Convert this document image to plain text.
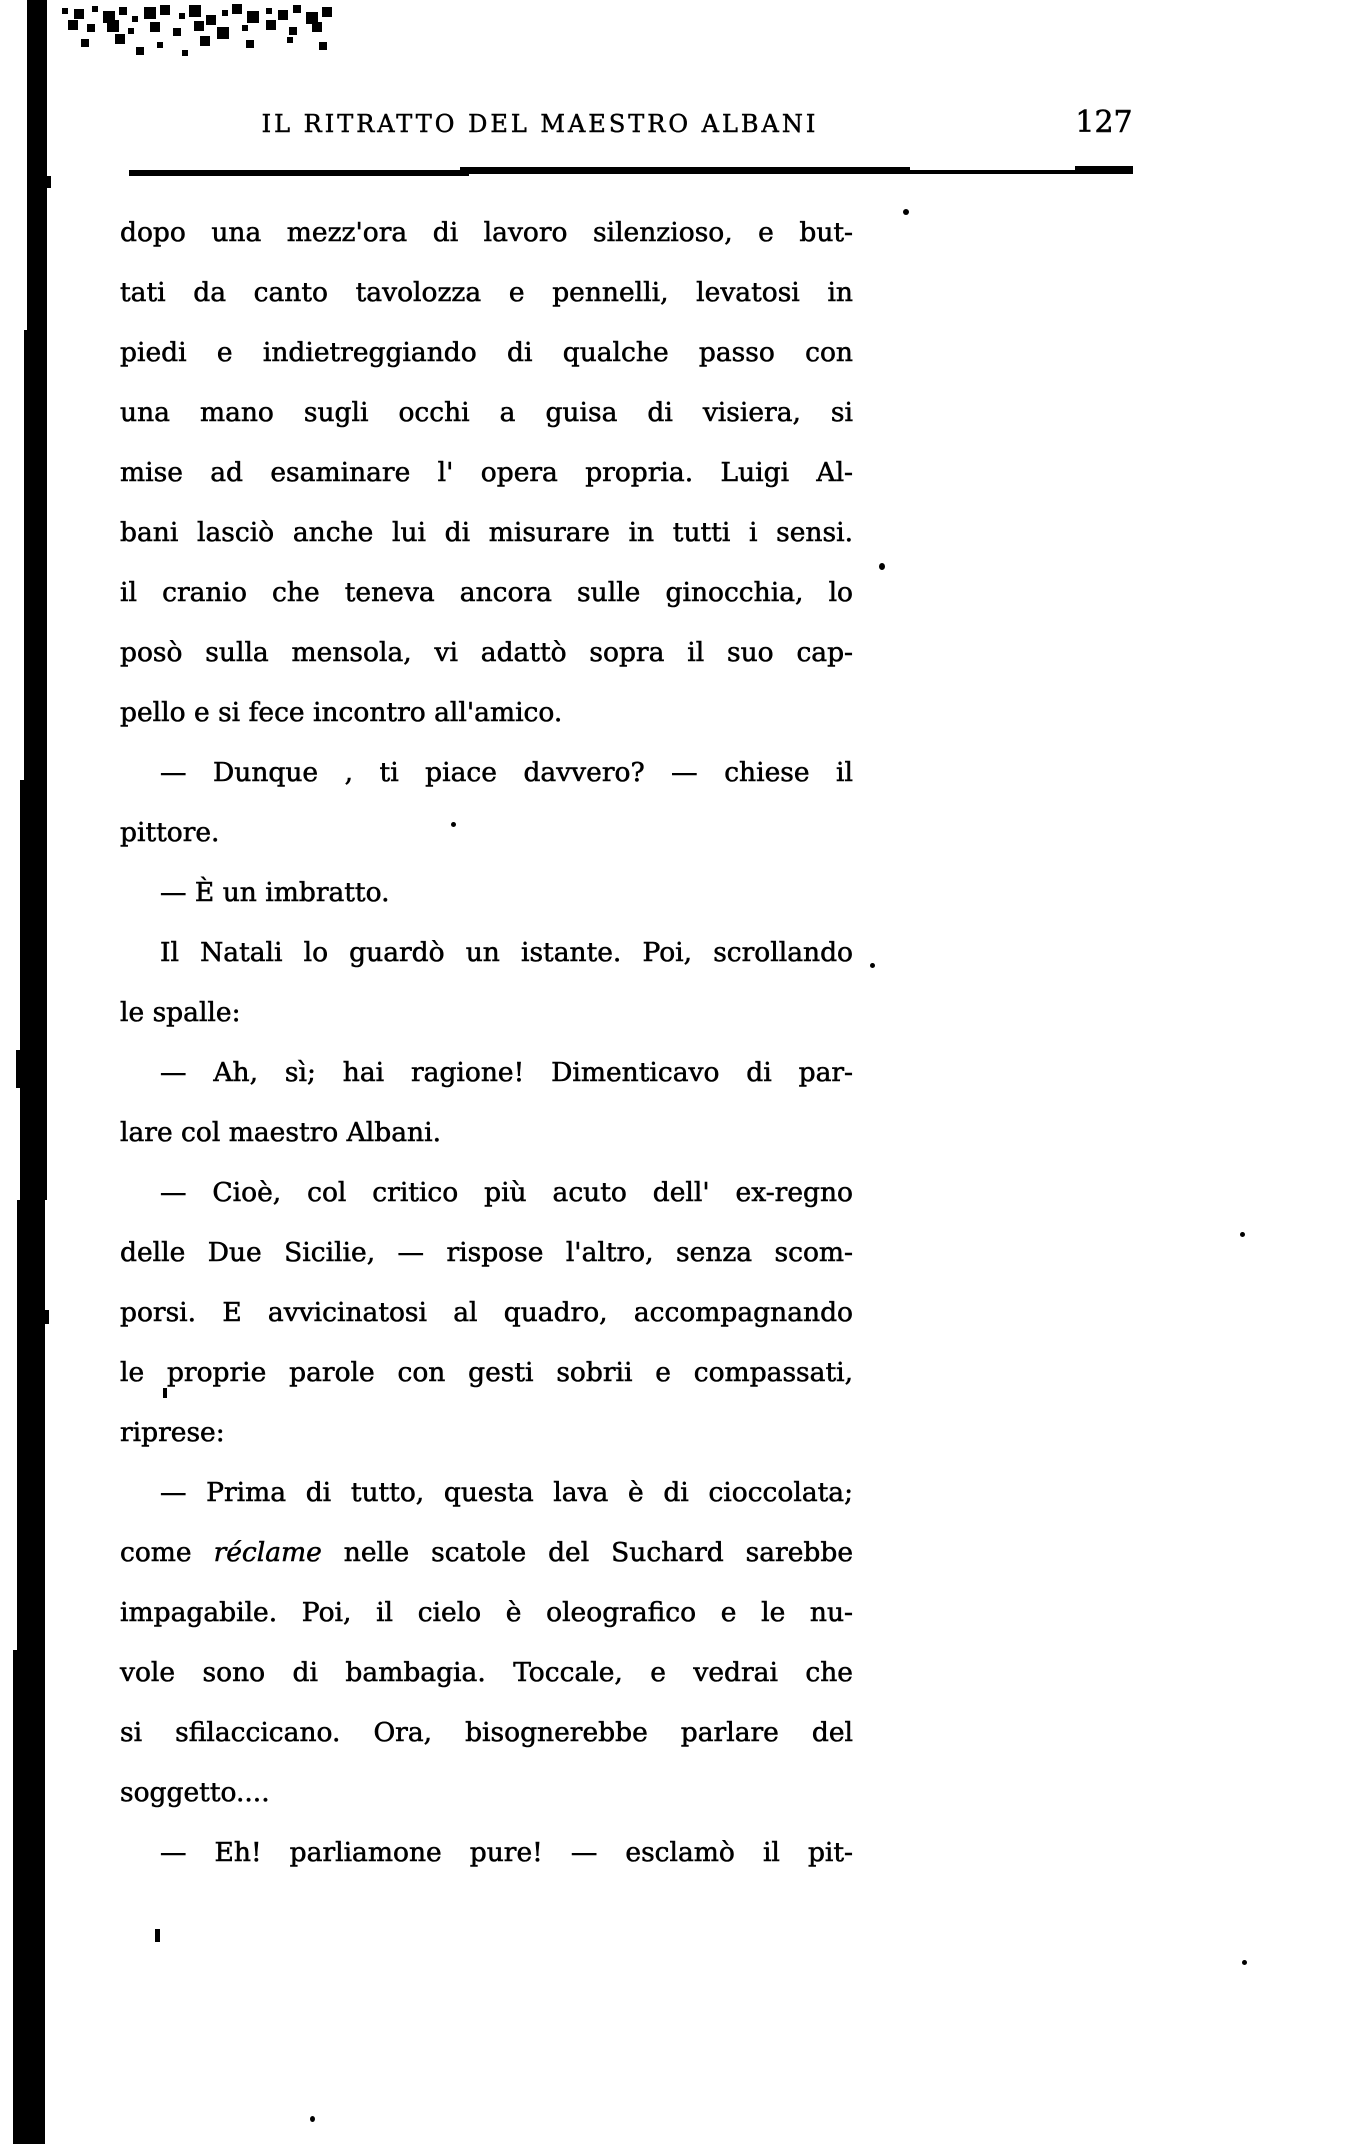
IL RITRATTO DEL MAESTRO ALBANI	127
dopo una mezz'ora di lavoro silenzioso, e but-
tati da canto tavolozza e pennelli, levatosi in
piedi e indietreggiando di qualche passo con
una mano sugli occhi a guisa di visiera, si
mise ad esaminare l' opera propria. Luigi Al-
bani lasciò anche lui di misurare in tutti i sensi.
il cranio che teneva ancora sulle ginocchia, lo
posò sulla mensola, vi adattò sopra il suo cap-
pello e si fece incontro all'amico.
— Dunque , ti piace davvero? — chiese il
pittore.
— È un imbratto.
Il Natali lo guardò un istante. Poi, scrollando
le spalle:
— Ah, sì; hai ragione! Dimenticavo di par-
lare col maestro Albani.
— Cioè, col critico più acuto dell' ex-regno
delle Due Sicilie, — rispose l'altro, senza scom-
porsi. E avvicinatosi al quadro, accompagnando
le proprie parole con gesti sobrii e compassati,
riprese:
— Prima di tutto, questa lava è di cioccolata;
come réclame nelle scatole del Suchard sarebbe
impagabile. Poi, il cielo è oleografico e le nu-
vole sono di bambagia. Toccale, e vedrai che
si sfilaccicano. Ora, bisognerebbe parlare del
soggetto....
— Eh! parliamone pure! — esclamò il pit-
